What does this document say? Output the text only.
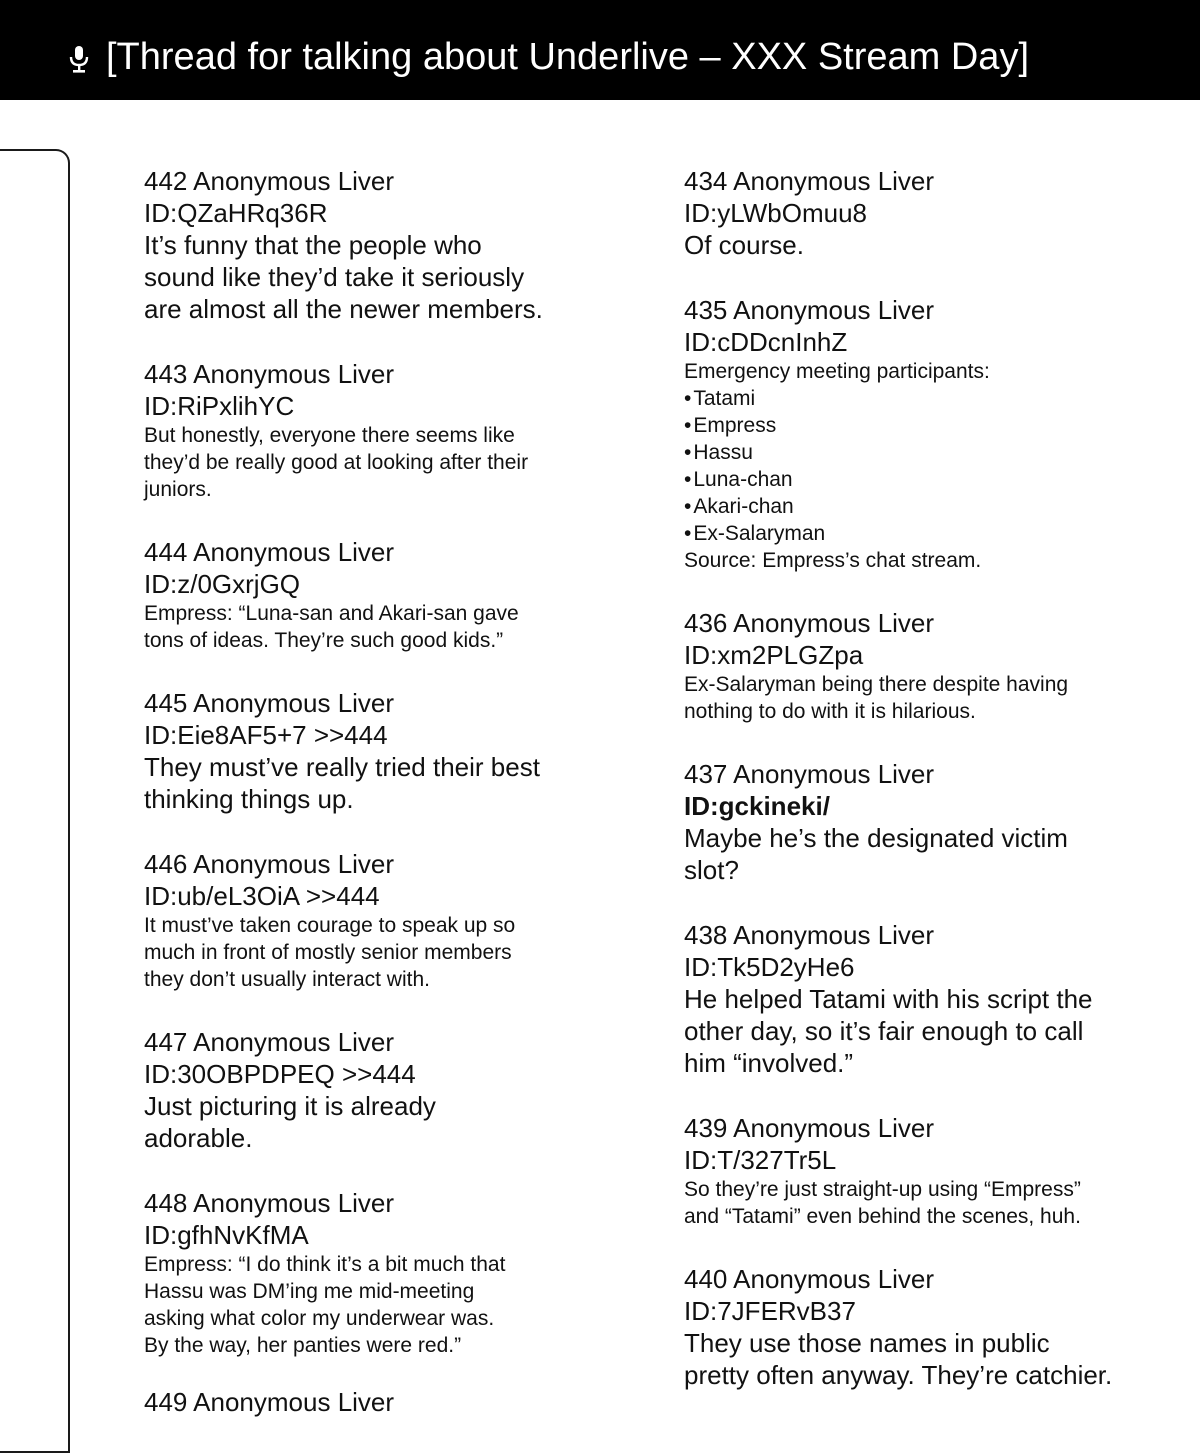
[Thread for talking about Underlive – XXX Stream Day]
442 Anonymous Liver
ID:QZaHRq36R
It’s funny that the people who
sound like they’d take it seriously
are almost all the newer members.
443 Anonymous Liver
ID:RiPxlihYC
But honestly, everyone there seems like
they’d be really good at looking after their
juniors.
444 Anonymous Liver
ID:z/0GxrjGQ
Empress: “Luna-san and Akari-san gave
tons of ideas. They’re such good kids.”
445 Anonymous Liver
ID:Eie8AF5+7 >>444
They must’ve really tried their best
thinking things up.
446 Anonymous Liver
ID:ub/eL3OiA >>444
It must’ve taken courage to speak up so
much in front of mostly senior members
they don’t usually interact with.
447 Anonymous Liver
ID:30OBPDPEQ >>444
Just picturing it is already
adorable.
448 Anonymous Liver
ID:gfhNvKfMA
Empress: “I do think it’s a bit much that
Hassu was DM’ing me mid-meeting
asking what color my underwear was.
By the way, her panties were red.”
449 Anonymous Liver
434 Anonymous Liver
ID:yLWbOmuu8
Of course.
435 Anonymous Liver
ID:cDDcnInhZ
Emergency meeting participants:
• Tatami
• Empress
• Hassu
• Luna-chan
• Akari-chan
• Ex-Salaryman
Source: Empress’s chat stream.
436 Anonymous Liver
ID:xm2PLGZpa
Ex-Salaryman being there despite having
nothing to do with it is hilarious.
437 Anonymous Liver
ID:gckineki/
Maybe he’s the designated victim
slot?
438 Anonymous Liver
ID:Tk5D2yHe6
He helped Tatami with his script the
other day, so it’s fair enough to call
him “involved.”
439 Anonymous Liver
ID:T/327Tr5L
So they’re just straight-up using “Empress”
and “Tatami” even behind the scenes, huh.
440 Anonymous Liver
ID:7JFERvB37
They use those names in public
pretty often anyway. They’re catchier.
